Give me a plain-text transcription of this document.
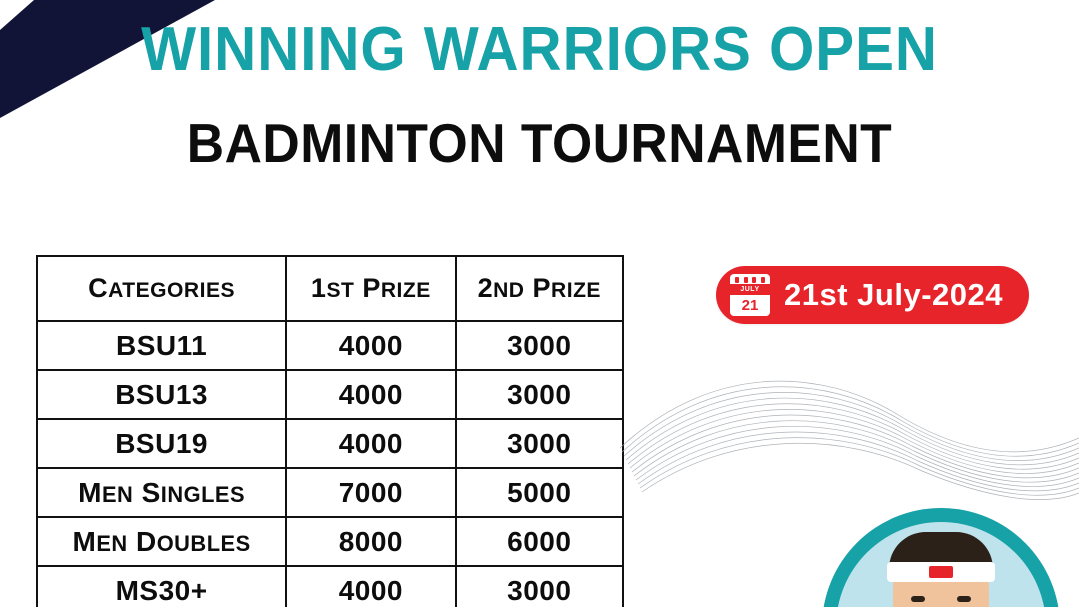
WINNING WARRIORS OPEN
BADMINTON TOURNAMENT
CATEGORIES	1ST PRIZE	2ND PRIZE
BSU11	4000	3000
BSU13	4000	3000
BSU19	4000	3000
MEN SINGLES	7000	5000
MEN DOUBLES	8000	6000
MS30+	4000	3000
JULY
21 21st July-2024
